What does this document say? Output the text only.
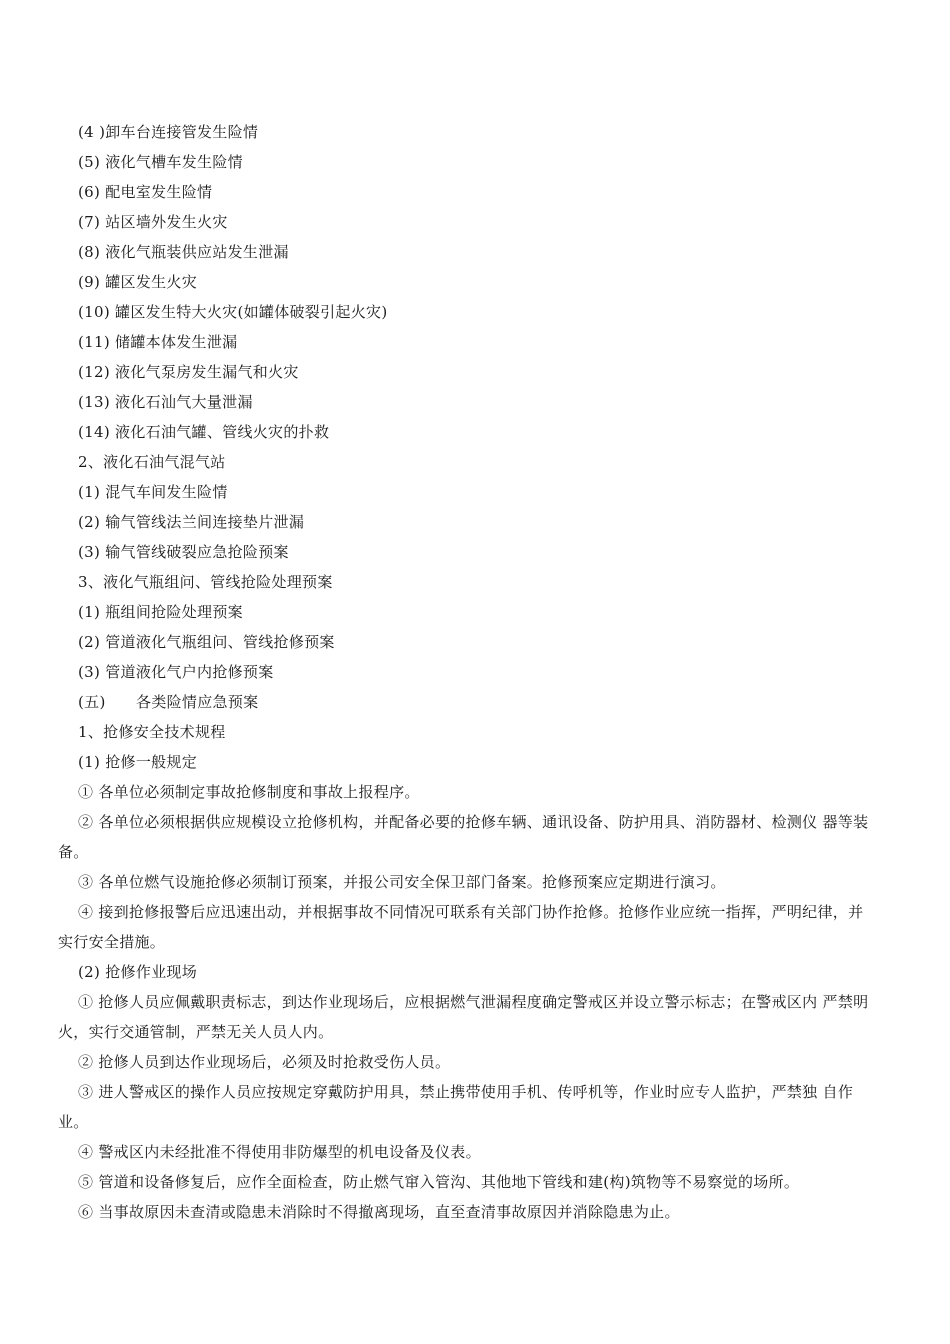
(4 )卸车台连接管发生险情
(5) 液化气槽车发生险情
(6) 配电室发生险情
(7) 站区墙外发生火灾
(8) 液化气瓶装供应站发生泄漏
(9) 罐区发生火灾
(10) 罐区发生特大火灾(如罐体破裂引起火灾)
(11) 储罐本体发生泄漏
(12) 液化气泵房发生漏气和火灾
(13) 液化石汕气大量泄漏
(14) 液化石油气罐、管线火灾的扑救
2、液化石油气混气站
(1) 混气车间发生险情
(2) 输气管线法兰间连接垫片泄漏
(3) 输气管线破裂应急抢险预案
3、液化气瓶组问、管线抢险处理预案
(1) 瓶组间抢险处理预案
(2) 管道液化气瓶组问、管线抢修预案
(3) 管道液化气户内抢修预案
(五)      各类险情应急预案
1、抢修安全技术规程
(1) 抢修一般规定
① 各单位必须制定事故抢修制度和事故上报程序。
② 各单位必须根据供应规模设立抢修机构，并配备必要的抢修车辆、通讯设备、防护用具、消防器材、检测仪 器等装备。
③ 各单位燃气设施抢修必须制订预案，并报公司安全保卫部门备案。抢修预案应定期进行演习。
④ 接到抢修报警后应迅速出动，并根据事故不同情况可联系有关部门协作抢修。抢修作业应统一指挥，严明纪律，并实行安全措施。
(2) 抢修作业现场
① 抢修人员应佩戴职责标志，到达作业现场后，应根据燃气泄漏程度确定警戒区并设立警示标志；在警戒区内 严禁明火，实行交通管制，严禁无关人员人内。
② 抢修人员到达作业现场后，必须及时抢救受伤人员。
③ 进人警戒区的操作人员应按规定穿戴防护用具，禁止携带使用手机、传呼机等，作业时应专人监护，严禁独 自作业。
④ 警戒区内未经批准不得使用非防爆型的机电设备及仪表。
⑤ 管道和设备修复后，应作全面检查，防止燃气窜入管沟、其他地下管线和建(构)筑物等不易察觉的场所。
⑥ 当事故原因未查清或隐患未消除时不得撤离现场，直至查清事故原因并消除隐患为止。
